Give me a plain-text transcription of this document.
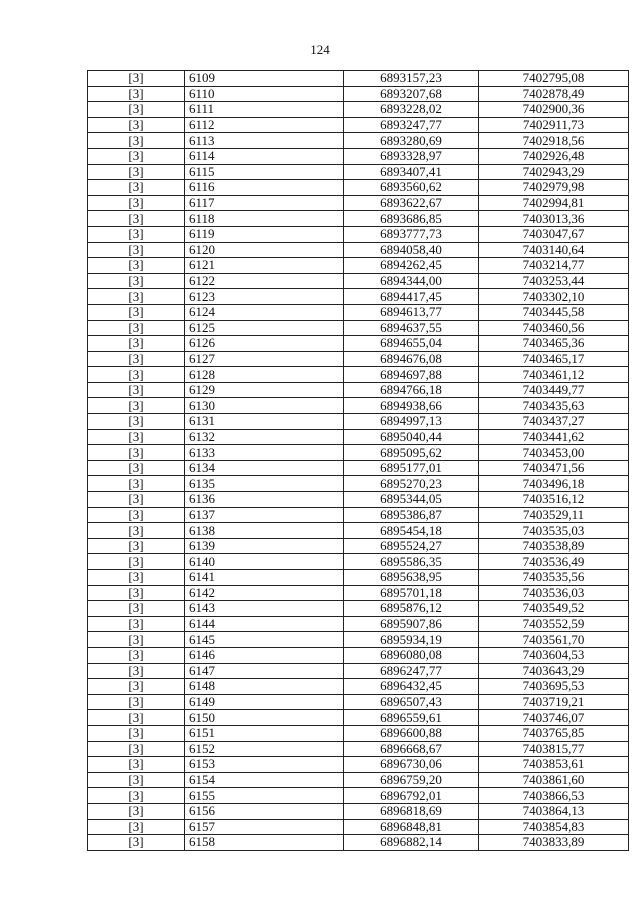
124
[3]	6109	6893157,23	7402795,08
[3]	6110	6893207,68	7402878,49
[3]	6111	6893228,02	7402900,36
[3]	6112	6893247,77	7402911,73
[3]	6113	6893280,69	7402918,56
[3]	6114	6893328,97	7402926,48
[3]	6115	6893407,41	7402943,29
[3]	6116	6893560,62	7402979,98
[3]	6117	6893622,67	7402994,81
[3]	6118	6893686,85	7403013,36
[3]	6119	6893777,73	7403047,67
[3]	6120	6894058,40	7403140,64
[3]	6121	6894262,45	7403214,77
[3]	6122	6894344,00	7403253,44
[3]	6123	6894417,45	7403302,10
[3]	6124	6894613,77	7403445,58
[3]	6125	6894637,55	7403460,56
[3]	6126	6894655,04	7403465,36
[3]	6127	6894676,08	7403465,17
[3]	6128	6894697,88	7403461,12
[3]	6129	6894766,18	7403449,77
[3]	6130	6894938,66	7403435,63
[3]	6131	6894997,13	7403437,27
[3]	6132	6895040,44	7403441,62
[3]	6133	6895095,62	7403453,00
[3]	6134	6895177,01	7403471,56
[3]	6135	6895270,23	7403496,18
[3]	6136	6895344,05	7403516,12
[3]	6137	6895386,87	7403529,11
[3]	6138	6895454,18	7403535,03
[3]	6139	6895524,27	7403538,89
[3]	6140	6895586,35	7403536,49
[3]	6141	6895638,95	7403535,56
[3]	6142	6895701,18	7403536,03
[3]	6143	6895876,12	7403549,52
[3]	6144	6895907,86	7403552,59
[3]	6145	6895934,19	7403561,70
[3]	6146	6896080,08	7403604,53
[3]	6147	6896247,77	7403643,29
[3]	6148	6896432,45	7403695,53
[3]	6149	6896507,43	7403719,21
[3]	6150	6896559,61	7403746,07
[3]	6151	6896600,88	7403765,85
[3]	6152	6896668,67	7403815,77
[3]	6153	6896730,06	7403853,61
[3]	6154	6896759,20	7403861,60
[3]	6155	6896792,01	7403866,53
[3]	6156	6896818,69	7403864,13
[3]	6157	6896848,81	7403854,83
[3]	6158	6896882,14	7403833,89
